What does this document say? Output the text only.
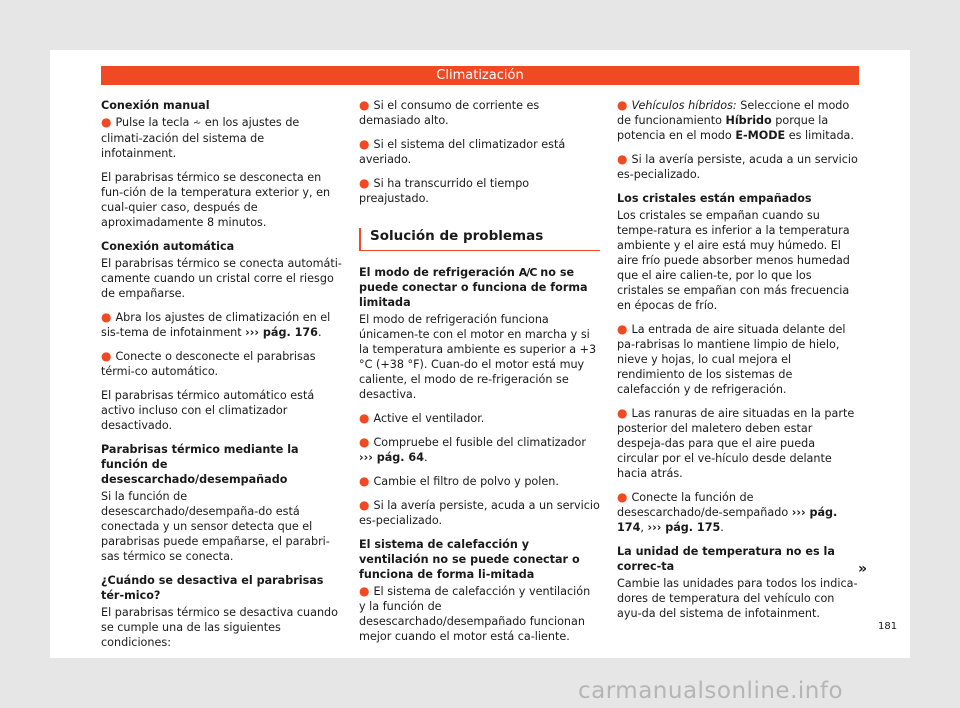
Climatización
Conexión manual

● Pulse la tecla ⩪ en los ajustes de climati-zación del sistema de infotainment.

El parabrisas térmico se desconecta en fun-ción de la temperatura exterior y, en cual-quier caso, después de aproximadamente 8 minutos.

Conexión automática

El parabrisas térmico se conecta automáti-camente cuando un cristal corre el riesgo de empañarse.

● Abra los ajustes de climatización en el sis-tema de infotainment ››› pág. 176.

● Conecte o desconecte el parabrisas térmi-co automático.

El parabrisas térmico automático está activo incluso con el climatizador desactivado.

Parabrisas térmico mediante la función de desescarchado/desempañado

Si la función de desescarchado/desempaña-do está conectada y un sensor detecta que el parabrisas puede empañarse, el parabri-sas térmico se conecta.

¿Cuándo se desactiva el parabrisas tér-mico?

El parabrisas térmico se desactiva cuando se cumple una de las siguientes condiciones:

● Si el consumo de corriente es demasiado alto.

● Si el sistema del climatizador está averiado.

● Si ha transcurrido el tiempo preajustado.

Solución de problemas
El modo de refrigeración A/C no se puede conectar o funciona de forma limitada

El modo de refrigeración funciona únicamen-te con el motor en marcha y si la temperatura ambiente es superior a +3 °C (+38 °F). Cuan-do el motor está muy caliente, el modo de re-frigeración se desactiva.

● Active el ventilador.

● Compruebe el fusible del climatizador ››› pág. 64.

● Cambie el filtro de polvo y polen.

● Si la avería persiste, acuda a un servicio es-pecializado.

El sistema de calefacción y ventilación no se puede conectar o funciona de forma li-mitada

● El sistema de calefacción y ventilación y la función de desescarchado/desempañado funcionan mejor cuando el motor está ca-liente.

● Vehículos híbridos: Seleccione el modo de funcionamiento Híbrido porque la potencia en el modo E-MODE es limitada.

● Si la avería persiste, acuda a un servicio es-pecializado.

Los cristales están empañados

Los cristales se empañan cuando su tempe-ratura es inferior a la temperatura ambiente y el aire está muy húmedo. El aire frío puede absorber menos humedad que el aire calien-te, por lo que los cristales se empañan con más frecuencia en épocas de frío.

● La entrada de aire situada delante del pa-rabrisas lo mantiene limpio de hielo, nieve y hojas, lo cual mejora el rendimiento de los sistemas de calefacción y de refrigeración.

● Las ranuras de aire situadas en la parte posterior del maletero deben estar despeja-das para que el aire pueda circular por el ve-hículo desde delante hacia atrás.

● Conecte la función de desescarchado/de-sempañado ››› pág. 174, ››› pág. 175.

La unidad de temperatura no es la correc-ta

Cambie las unidades para todos los indica-dores de temperatura del vehículo con ayu-da del sistema de infotainment.

»
181
carmanualsonline.info
